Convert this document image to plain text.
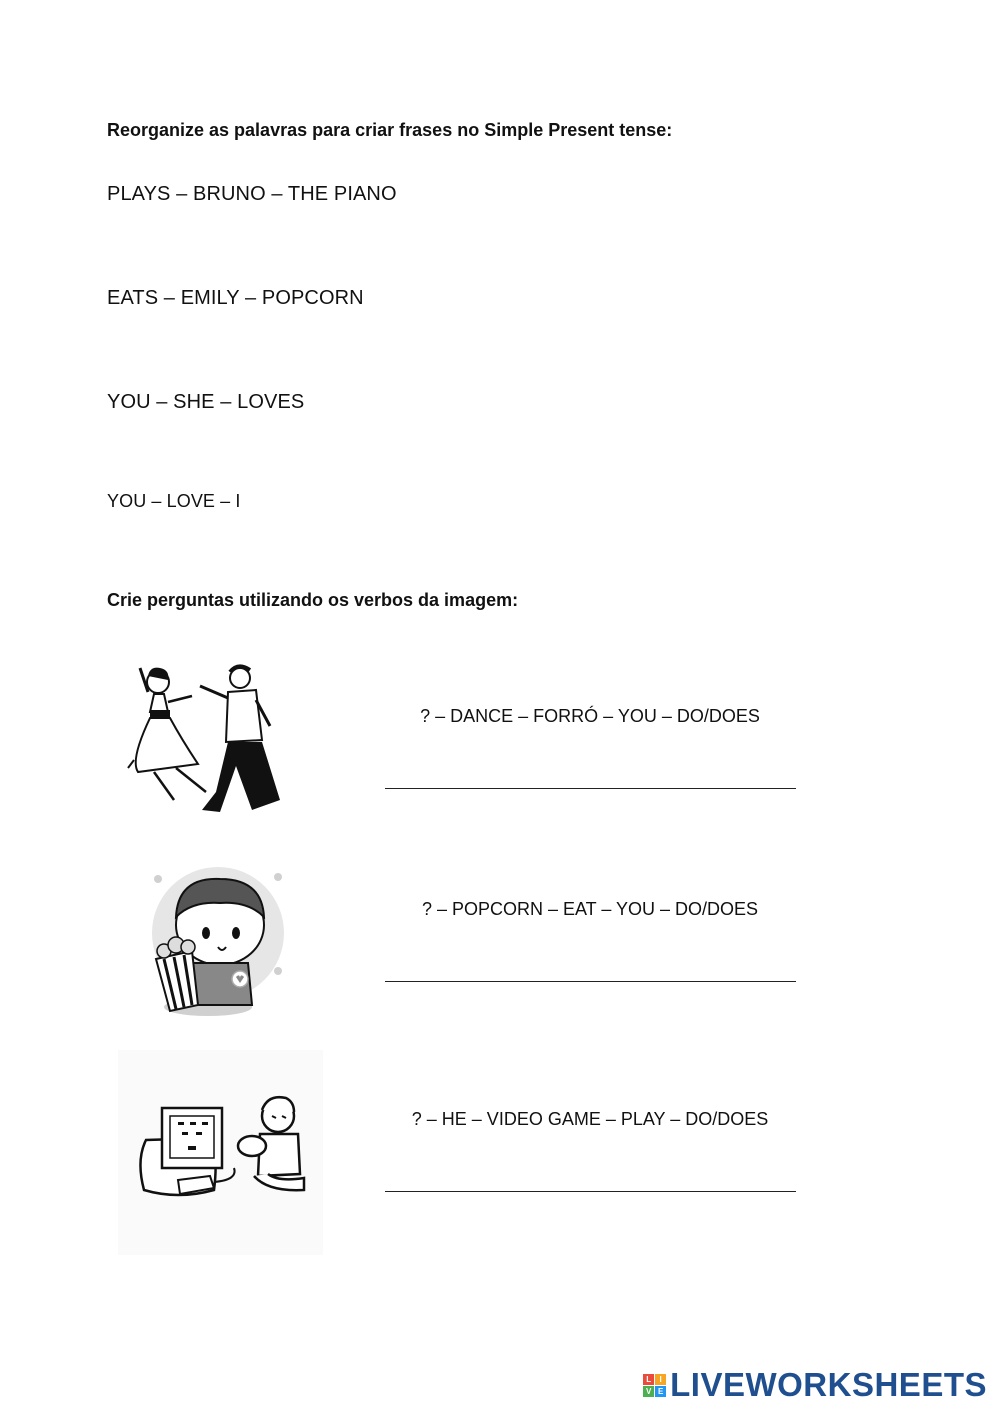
Reorganize as palavras para criar frases no Simple Present tense:
PLAYS – BRUNO – THE PIANO
EATS – EMILY – POPCORN
YOU – SHE – LOVES
YOU – LOVE – I
Crie perguntas utilizando os verbos da imagem:
? – DANCE – FORRÓ – YOU – DO/DOES
? – POPCORN – EAT – YOU – DO/DOES
? – HE – VIDEO GAME – PLAY – DO/DOES
L	I
V E LIVEWORKSHEETS
